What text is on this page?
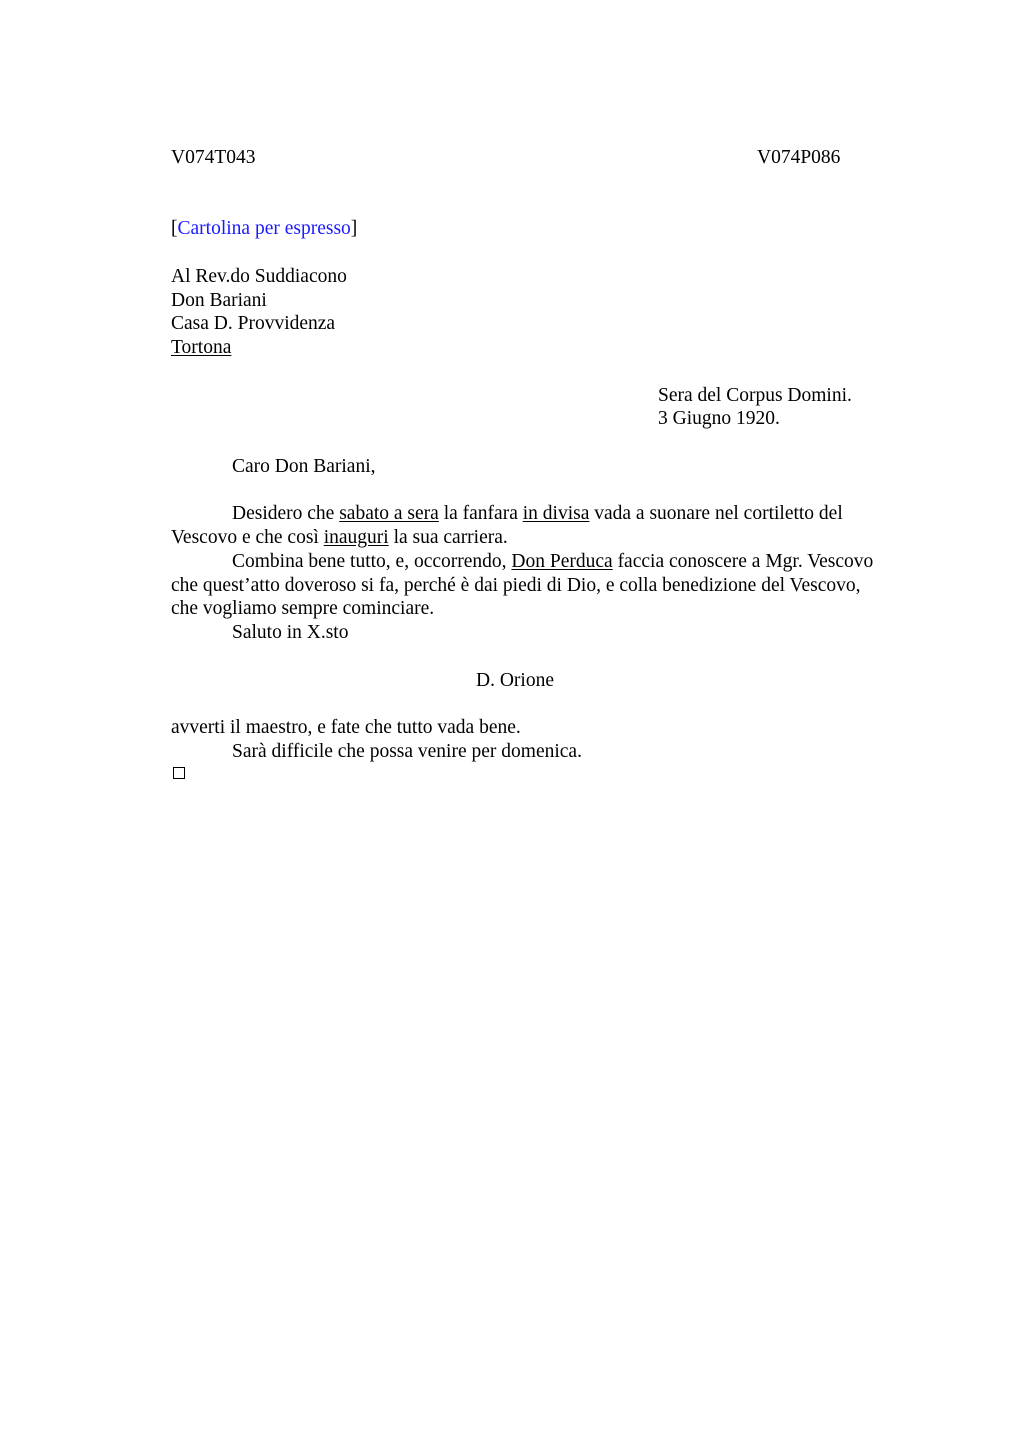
V074T043	V074P086
[Cartolina per espresso]
Al Rev.do Suddiacono
Don Bariani
Casa D. Provvidenza
Tortona
Sera del Corpus Domini.
3 Giugno 1920.
Caro Don Bariani,
Desidero che sabato a sera la fanfara in divisa vada a suonare nel cortiletto del
Vescovo e che così inauguri la sua carriera.
Combina bene tutto, e, occorrendo, Don Perduca faccia conoscere a Mgr. Vescovo
che quest’atto doveroso si fa, perché è dai piedi di Dio, e colla benedizione del Vescovo,
che vogliamo sempre cominciare.
Saluto in X.sto
D. Orione
avverti il maestro, e fate che tutto vada bene.
Sarà difficile che possa venire per domenica.
